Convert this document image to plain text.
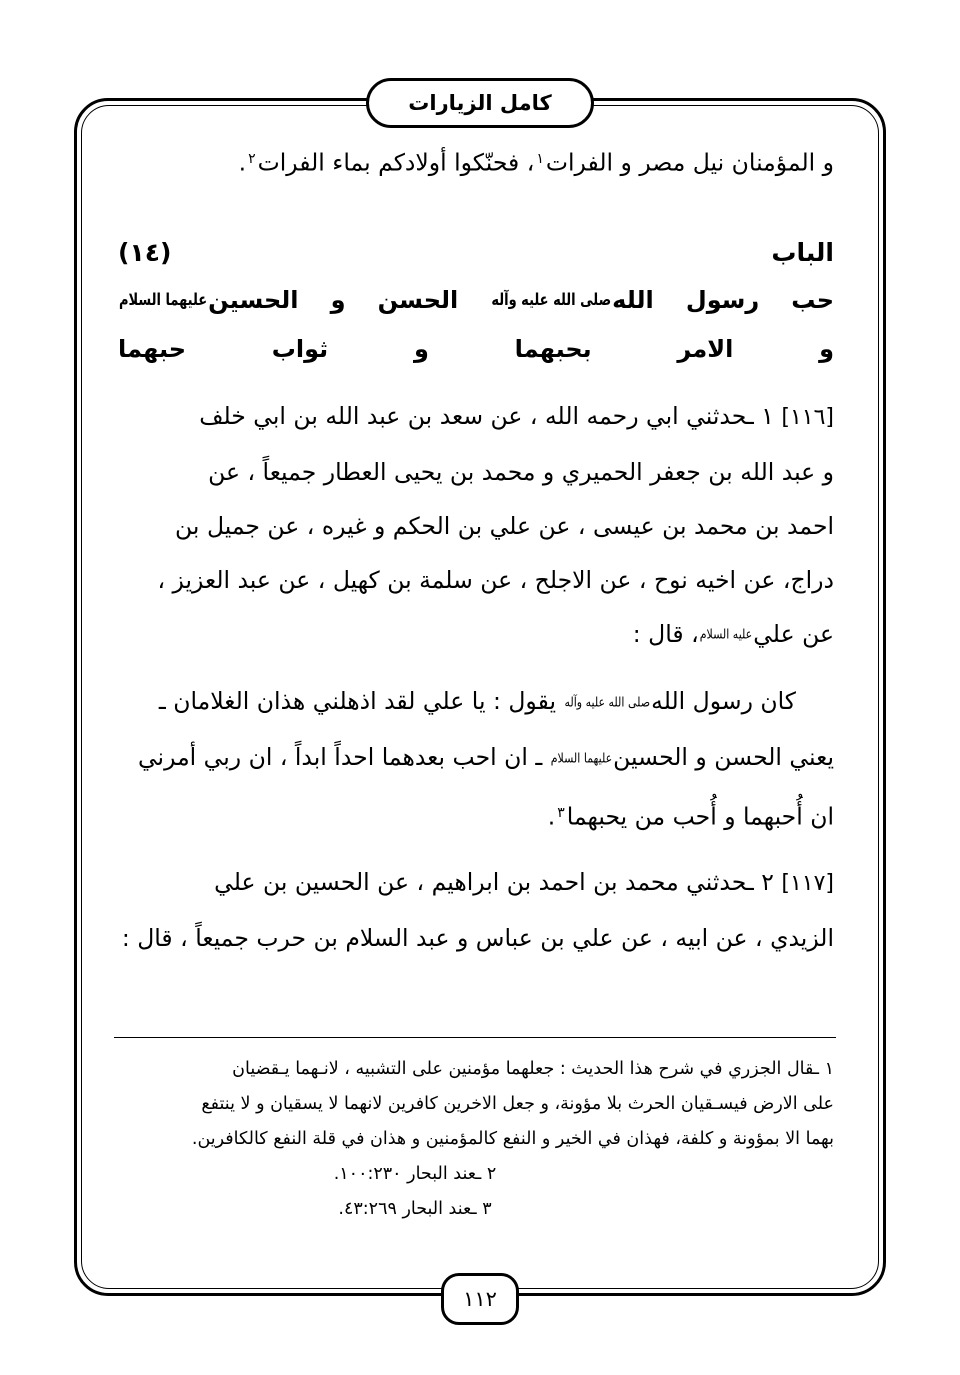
كامل الزيارات
و المؤمنان نيل مصر و الفرات$^١$، فحنّكوا أولادكم بماء الفرات$^٢$.
الباب (١٤)
حب رسول اللهصلى الله عليه وآله الحسن و الحسينعليهما السلام
و الامر بحبهما و ثواب حبهما
[١١٦] ١ ـحدثني ابي رحمه الله ، عن سعد بن عبد الله بن ابي خلف
و عبد الله بن جعفر الحميري و محمد بن يحيى العطار جميعاً ، عن
احمد بن محمد بن عيسى ، عن علي بن الحكم و غيره ، عن جميل بن
دراج، عن اخيه نوح ، عن الاجلح ، عن سلمة بن كهيل ، عن عبد العزيز ،
عن عليعليه السلام، قال :
كان رسول اللهصلى الله عليه وآله يقول : يا علي لقد اذهلني هذان الغلامان ـ
يعني الحسن و الحسينعليهما السلام ـ ان احب بعدهما احداً ابداً ، ان ربي أمرني
ان أُحبهما و أُحب من يحبهما$^٣$.
[١١٧] ٢ ـحدثني محمد بن احمد بن ابراهيم ، عن الحسين بن علي
الزيدي ، عن ابيه ، عن علي بن عباس و عبد السلام بن حرب جميعاً ، قال :
١ ـقال الجزري في شرح هذا الحديث : جعلهما مؤمنين على التشبيه ، لانـهما يـقضيان
على الارض فيسـقيان الحرث بلا مؤونة، و جعل الاخرين كافرين لانهما لا يسقيان و لا ينتفع
بهما الا بمؤونة و كلفة، فهذان في الخير و النفع كالمؤمنين و هذان في قلة النفع كالكافرين.
٢ ـعند البحار ١٠٠:٢٣٠.
٣ ـعند البحار ٤٣:٢٦٩.
١١٢
